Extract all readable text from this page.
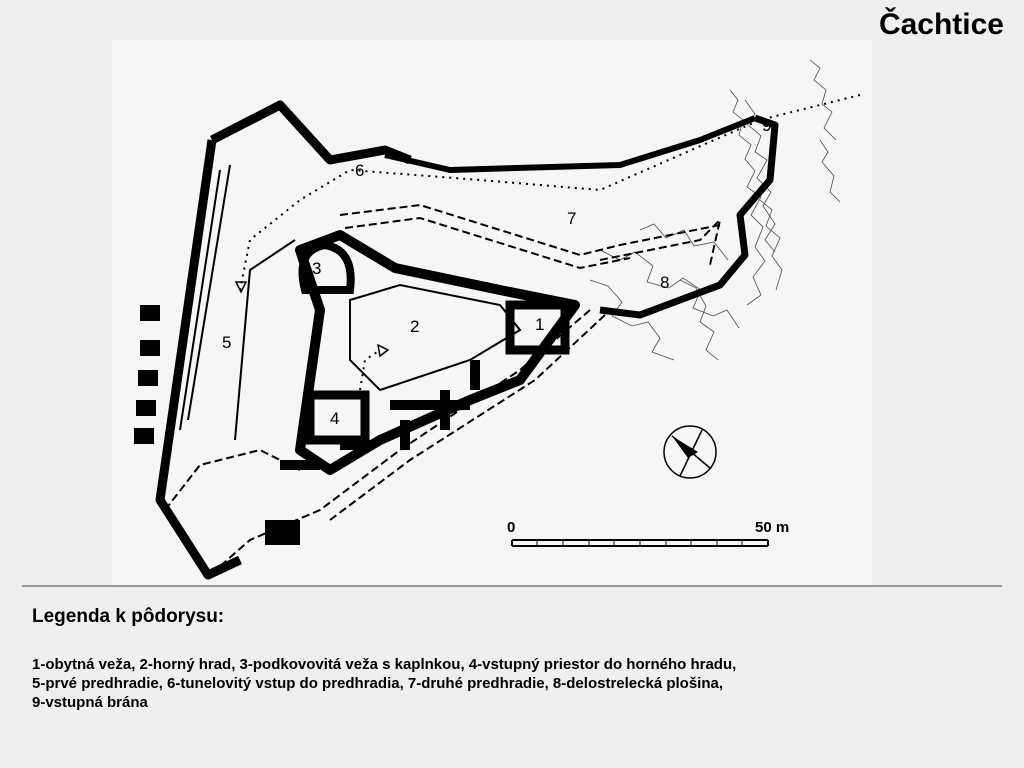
Čachtice
1
2
3
4
5
6
7
8
9
0	50 m
Legenda k pôdorysu:
1-obytná veža, 2-horný hrad, 3-podkovovitá veža s kaplnkou, 4-vstupný priestor do horného hradu,
5-prvé predhradie, 6-tunelovitý vstup do predhradia, 7-druhé predhradie, 8-delostrelecká plošina,
9-vstupná brána
